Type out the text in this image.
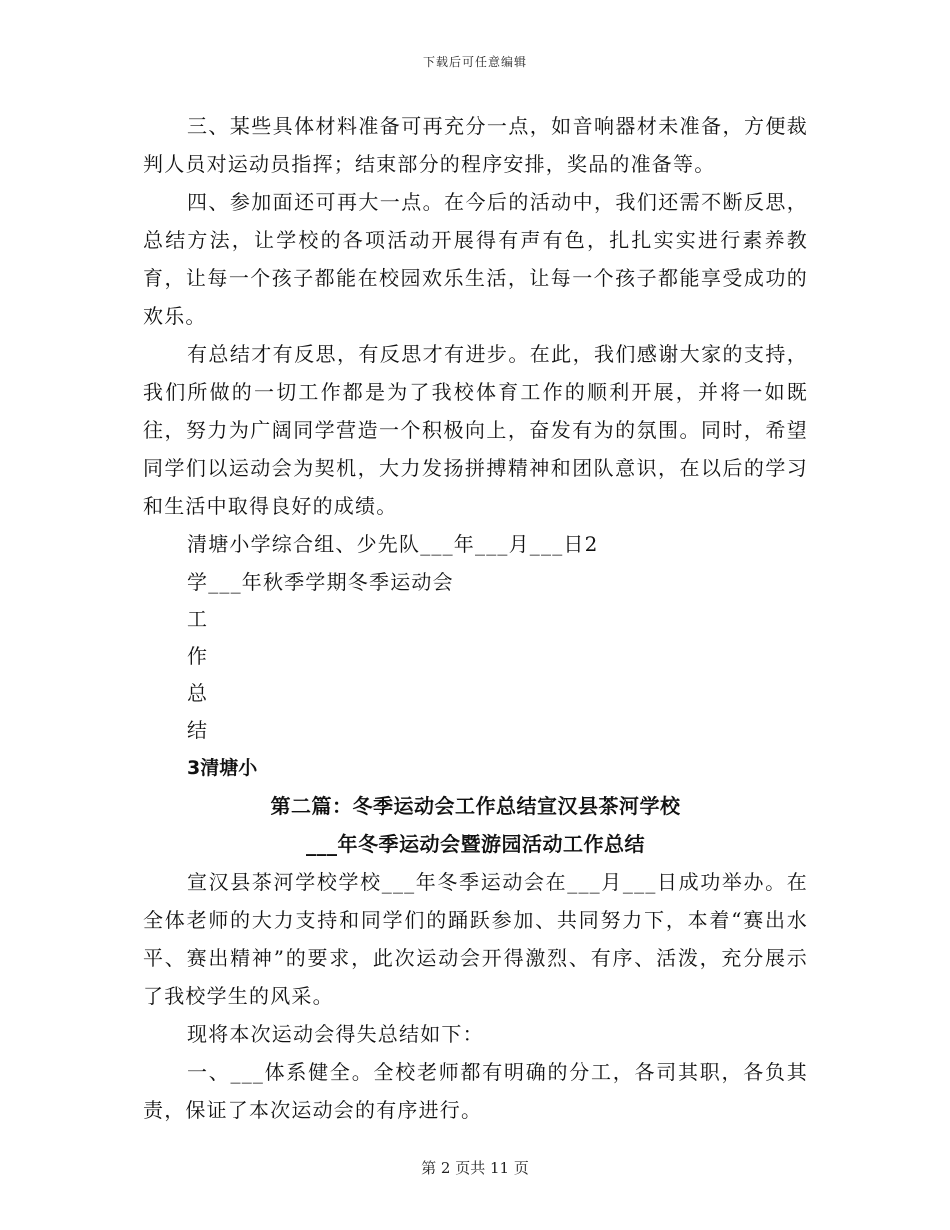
下载后可任意编辑

三、某些具体材料准备可再充分一点，如音响器材未准备，方便裁判人员对运动员指挥；结束部分的程序安排，奖品的准备等。

四、参加面还可再大一点。在今后的活动中，我们还需不断反思，总结方法，让学校的各项活动开展得有声有色，扎扎实实进行素养教育，让每一个孩子都能在校园欢乐生活，让每一个孩子都能享受成功的欢乐。

有总结才有反思，有反思才有进步。在此，我们感谢大家的支持，我们所做的一切工作都是为了我校体育工作的顺利开展，并将一如既往，努力为广阔同学营造一个积极向上，奋发有为的氛围。同时，希望同学们以运动会为契机，大力发扬拼搏精神和团队意识，在以后的学习和生活中取得良好的成绩。

清塘小学综合组、少先队___年___月___日2

学___年秋季学期冬季运动会

工

作

总

结

3清塘小

第二篇：冬季运动会工作总结宣汉县茶河学校

___年冬季运动会暨游园活动工作总结

宣汉县茶河学校学校___年冬季运动会在___月___日成功举办。在全体老师的大力支持和同学们的踊跃参加、共同努力下，本着“赛出水平、赛出精神”的要求，此次运动会开得激烈、有序、活泼，充分展示了我校学生的风采。

现将本次运动会得失总结如下：

一、___体系健全。全校老师都有明确的分工，各司其职，各负其责，保证了本次运动会的有序进行。

第 2 页共 11 页
